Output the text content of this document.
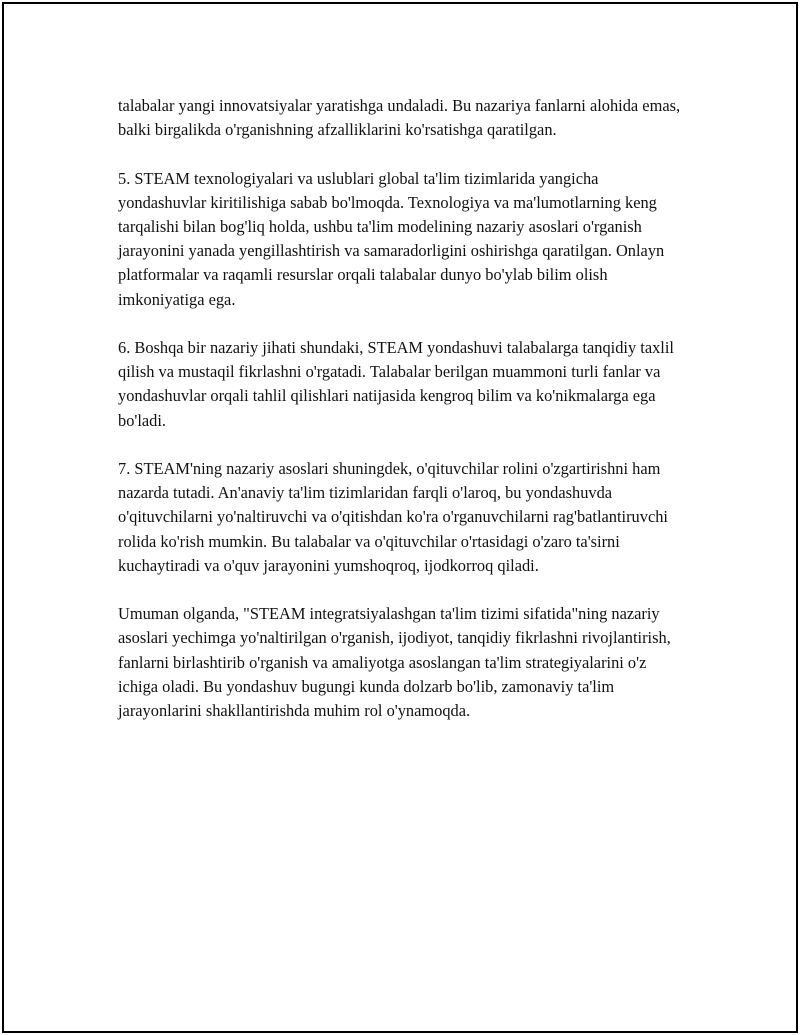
talabalar yangi innovatsiyalar yaratishga undaladi. Bu nazariya fanlarni alohida emas, balki birgalikda o'rganishning afzalliklarini ko'rsatishga qaratilgan.

5. STEAM texnologiyalari va uslublari global ta'lim tizimlarida yangicha yondashuvlar kiritilishiga sabab bo'lmoqda. Texnologiya va ma'lumotlarning keng tarqalishi bilan bog'liq holda, ushbu ta'lim modelining nazariy asoslari o'rganish jarayonini yanada yengillashtirish va samaradorligini oshirishga qaratilgan. Onlayn platformalar va raqamli resurslar orqali talabalar dunyo bo'ylab bilim olish imkoniyatiga ega.

6. Boshqa bir nazariy jihati shundaki, STEAM yondashuvi talabalarga tanqidiy taxlil qilish va mustaqil fikrlashni o'rgatadi. Talabalar berilgan muammoni turli fanlar va yondashuvlar orqali tahlil qilishlari natijasida kengroq bilim va ko'nikmalarga ega bo'ladi.

7. STEAM'ning nazariy asoslari shuningdek, o'qituvchilar rolini o'zgartirishni ham nazarda tutadi. An'anaviy ta'lim tizimlaridan farqli o'laroq, bu yondashuvda o'qituvchilarni yo'naltiruvchi va o'qitishdan ko'ra o'rganuvchilarni rag'batlantiruvchi rolida ko'rish mumkin. Bu talabalar va o'qituvchilar o'rtasidagi o'zaro ta'sirni kuchaytiradi va o'quv jarayonini yumshoqroq, ijodkorroq qiladi.

Umuman olganda, "STEAM integratsiyalashgan ta'lim tizimi sifatida"ning nazariy asoslari yechimga yo'naltirilgan o'rganish, ijodiyot, tanqidiy fikrlashni rivojlantirish, fanlarni birlashtirib o'rganish va amaliyotga asoslangan ta'lim strategiyalarini o'z ichiga oladi. Bu yondashuv bugungi kunda dolzarb bo'lib, zamonaviy ta'lim jarayonlarini shakllantirishda muhim rol o'ynamoqda.
